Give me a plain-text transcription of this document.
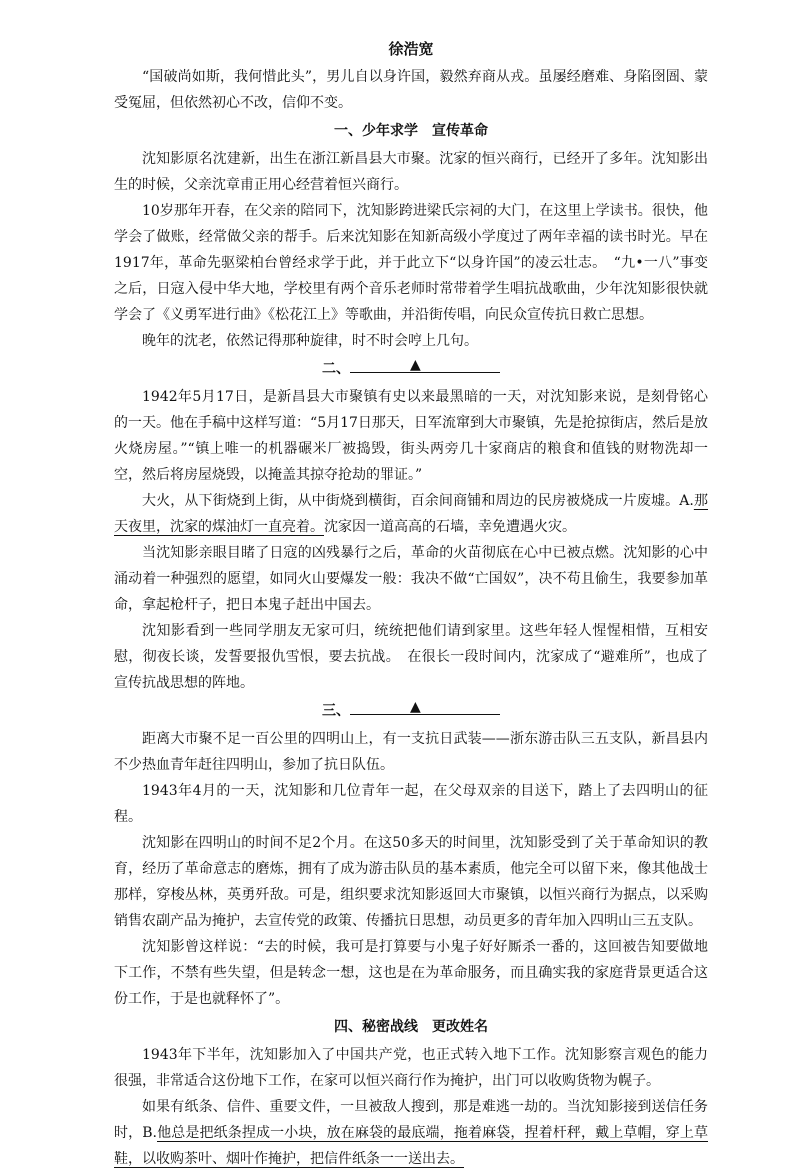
徐浩宽

“国破尚如斯，我何惜此头”，男儿自以身许国，毅然弃商从戎。虽屡经磨难、身陷囹圄、蒙受冤屈，但依然初心不改，信仰不变。

一、少年求学　宣传革命

沈知影原名沈建新，出生在浙江新昌县大市聚。沈家的恒兴商行，已经开了多年。沈知影出生的时候，父亲沈章甫正用心经营着恒兴商行。

10岁那年开春，在父亲的陪同下，沈知影跨进梁氏宗祠的大门，在这里上学读书。很快，他学会了做账，经常做父亲的帮手。后来沈知影在知新高级小学度过了两年幸福的读书时光。早在1917年，革命先驱梁柏台曾经求学于此，并于此立下“以身许国”的凌云壮志。　“九•一八”事变之后，日寇入侵中华大地，学校里有两个音乐老师时常带着学生唱抗战歌曲，少年沈知影很快就学会了《义勇军进行曲》《松花江上》等歌曲，并沿街传唱，向民众宣传抗日救亡思想。

晚年的沈老，依然记得那种旋律，时不时会哼上几句。

二、	▲

1942年5月17日，是新昌县大市聚镇有史以来最黑暗的一天，对沈知影来说，是刻骨铭心的一天。他在手稿中这样写道：“5月17日那天，日军流窜到大市聚镇，先是抢掠街店，然后是放火烧房屋。”“镇上唯一的机器碾米厂被捣毁，街头两旁几十家商店的粮食和值钱的财物洗却一空，然后将房屋烧毁，以掩盖其掠夺抢劫的罪证。”

大火，从下街烧到上街，从中街烧到横街，百余间商铺和周边的民房被烧成一片废墟。A.那天夜里，沈家的煤油灯一直亮着。沈家因一道高高的石墙，幸免遭遇火灾。

当沈知影亲眼目睹了日寇的凶残暴行之后，革命的火苗彻底在心中已被点燃。沈知影的心中涌动着一种强烈的愿望，如同火山要爆发一般：我决不做“亡国奴”，决不苟且偷生，我要参加革命，拿起枪杆子，把日本鬼子赶出中国去。

沈知影看到一些同学朋友无家可归，统统把他们请到家里。这些年轻人惺惺相惜，互相安慰，彻夜长谈，发誓要报仇雪恨，要去抗战。　在很长一段时间内，沈家成了“避难所”，也成了宣传抗战思想的阵地。

三、	▲

距离大市聚不足一百公里的四明山上，有一支抗日武装——浙东游击队三五支队，新昌县内不少热血青年赶往四明山，参加了抗日队伍。

1943年4月的一天，沈知影和几位青年一起，在父母双亲的目送下，踏上了去四明山的征程。

沈知影在四明山的时间不足2个月。在这50多天的时间里，沈知影受到了关于革命知识的教育，经历了革命意志的磨炼，拥有了成为游击队员的基本素质，他完全可以留下来，像其他战士那样，穿梭丛林，英勇歼敌。可是，组织要求沈知影返回大市聚镇，以恒兴商行为据点，以采购销售农副产品为掩护，去宣传党的政策、传播抗日思想，动员更多的青年加入四明山三五支队。

沈知影曾这样说：“去的时候，我可是打算要与小鬼子好好厮杀一番的，这回被告知要做地下工作，不禁有些失望，但是转念一想，这也是在为革命服务，而且确实我的家庭背景更适合这份工作，于是也就释怀了”。

四、秘密战线　更改姓名

1943年下半年，沈知影加入了中国共产党，也正式转入地下工作。沈知影察言观色的能力很强，非常适合这份地下工作，在家可以恒兴商行作为掩护，出门可以收购货物为幌子。

如果有纸条、信件、重要文件，一旦被敌人搜到，那是难逃一劫的。当沈知影接到送信任务时，B.他总是把纸条捏成一小块，放在麻袋的最底端，拖着麻袋，捏着杆秤，戴上草帽，穿上草鞋，以收购茶叶、烟叶作掩护，把信件纸条一一送出去。
